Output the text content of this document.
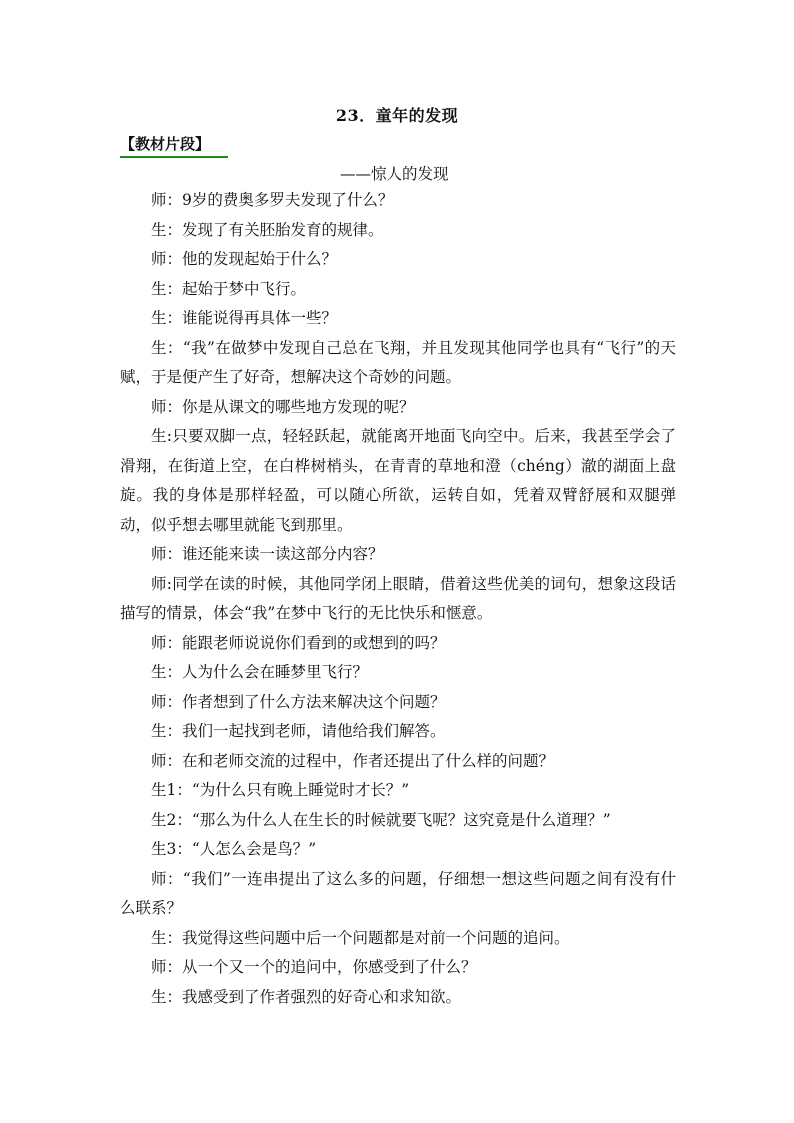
23．童年的发现
【教材片段】
——惊人的发现

师：9岁的费奥多罗夫发现了什么？

生：发现了有关胚胎发育的规律。

师：他的发现起始于什么？

生：起始于梦中飞行。

生：谁能说得再具体一些？

生：“我”在做梦中发现自己总在飞翔，并且发现其他同学也具有“飞行”的天赋，于是便产生了好奇，想解决这个奇妙的问题。

师：你是从课文的哪些地方发现的呢？

生:只要双脚一点，轻轻跃起，就能离开地面飞向空中。后来，我甚至学会了滑翔，在街道上空，在白桦树梢头，在青青的草地和澄（chéng）澈的湖面上盘旋。我的身体是那样轻盈，可以随心所欲，运转自如，凭着双臂舒展和双腿弹动，似乎想去哪里就能飞到那里。

师：谁还能来读一读这部分内容？

师:同学在读的时候，其他同学闭上眼睛，借着这些优美的词句，想象这段话描写的情景，体会“我”在梦中飞行的无比快乐和惬意。

师：能跟老师说说你们看到的或想到的吗？

生：人为什么会在睡梦里飞行？

师：作者想到了什么方法来解决这个问题？

生：我们一起找到老师，请他给我们解答。

师：在和老师交流的过程中，作者还提出了什么样的问题？

生1：“为什么只有晚上睡觉时才长？”

生2：“那么为什么人在生长的时候就要飞呢？这究竟是什么道理？”

生3：“人怎么会是鸟？”

师：“我们”一连串提出了这么多的问题，仔细想一想这些问题之间有没有什么联系？

生：我觉得这些问题中后一个问题都是对前一个问题的追问。

师：从一个又一个的追问中，你感受到了什么？

生：我感受到了作者强烈的好奇心和求知欲。
